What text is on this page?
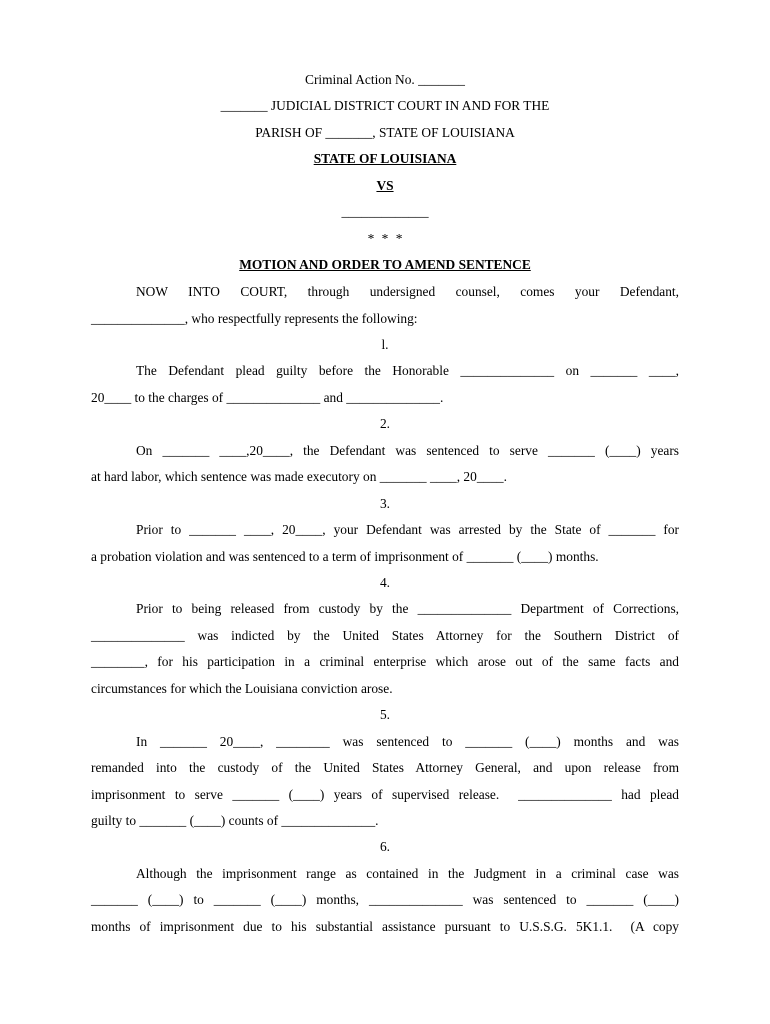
Criminal Action No. _______
_______ JUDICIAL DISTRICT COURT IN AND FOR THE
PARISH OF _______, STATE OF LOUISIANA
STATE OF LOUISIANA
VS
_____________
* * *
MOTION AND ORDER TO AMEND SENTENCE
NOW INTO COURT, through undersigned counsel, comes your Defendant,
______________, who respectfully represents the following:
l.
The Defendant plead guilty before the Honorable ______________ on _______ ____,
20____ to the charges of ______________ and ______________.
2.
On _______ ____,20____, the Defendant was sentenced to serve _______ (____) years
at hard labor, which sentence was made executory on _______ ____, 20____.
3.
Prior to _______ ____, 20____, your Defendant was arrested by the State of _______ for
a probation violation and was sentenced to a term of imprisonment of _______ (____) months.
4.
Prior to being released from custody by the ______________ Department of Corrections,
______________ was indicted by the United States Attorney for the Southern District of
________, for his participation in a criminal enterprise which arose out of the same facts and
circumstances for which the Louisiana conviction arose.
5.
In _______ 20____, ________ was sentenced to _______ (____) months and was
remanded into the custody of the United States Attorney General, and upon release from
imprisonment to serve _______ (____) years of supervised release.  ______________ had plead
guilty to _______ (____) counts of ______________.
6.
Although the imprisonment range as contained in the Judgment in a criminal case was
_______ (____) to _______ (____) months, ______________ was sentenced to _______ (____)
months of imprisonment due to his substantial assistance pursuant to U.S.S.G. 5K1.1.  (A copy
